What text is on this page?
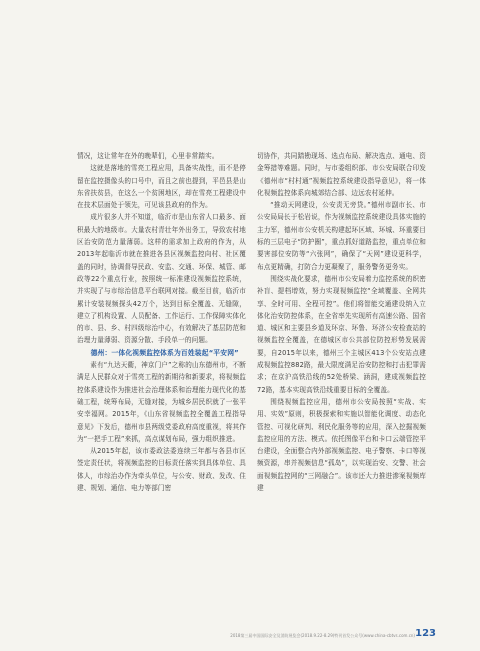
情况，这让常年在外的晚辈们，心里非常踏实。

这就是落地的雪亮工程应用，具备实战性，而不是停留在监控摄像头的口号中，而且之前也提到，平邑县是山东省扶贫县，在这么一个贫困地区，却在雪亮工程建设中在技术层面处于领先，可见该县政府的作为。

成片很多人并不知道，临沂市是山东省人口最多、面积最大的地级市。大量农村青壮年外出务工，导致农村地区治安防范力量薄弱。这样的需求加上政府的作为，从2013年起临沂市就在推进各县区视频监控向村、社区覆盖的同时，协调督导民政、安监、交通、环保、城管、邮政等22个重点行业，按照统一标准建设视频监控系统，并实现了与市综治信息平台联网对接。截至目前，临沂市累计安装视频探头42万个，达到目标全覆盖、无缝隙，建立了机构设置、人员配备、工作运行、工作保障实体化的市、县、乡、村四级综治中心，有效解决了基层防范和治理力量薄弱、资源分散、手段单一的问题。

德州：一体化视频监控体系为百姓装起“平安网”

素有“九达天衢，神京门户”之称的山东德州市，不断满足人民群众对于雪亮工程的新期待和新要求，将视频监控体系建设作为推进社会治理体系和治理能力现代化的基础工程，统筹布局，无缝对接，为城乡居民织就了一张平安幸福网。2015年，《山东省视频监控全覆盖工程指导意见》下发后，德州市县两级党委政府高度重视，将其作为“一把手工程”来抓，高点谋划布局，强力组织推进。

从2015年起，该市委政法委连续三年都与各县市区签定责任状，将视频监控的目标责任落实到具体单位、具体人，市综治办作为牵头单位，与公安、财政、发改、住建、规划、通信、电力等部门密

切协作，共同踏勘现场、选点布局、解决选点、通电、资金筹措等难题。同时，与市委组织部、市公安局联合印发《德州市“村村通”视频监控系统建设指导意见》，将一体化视频监控体系向城郊结合部、边远农村延伸。

“推动天网建设，公安责无旁贷。”德州市副市长、市公安局局长于松岩说，作为视频监控系统建设具体实施的主力军，德州市公安机关构建起环区域、环城、环重要目标的三层电子“防护圈”，重点抓好道路监控，重点单位和要害部位安防等“六张网”，确保了“天网”建设更科学，布点更精确，打防合力更凝聚了，服务警务更务实。

围绕实战化要求，德州市公安局着力监控系统的织密补盲、提档增效，努力实现视频监控“全域覆盖、全网共享、全时可用、全程可控”。他们将智能交通建设纳入立体化治安防控体系，在全省率先实现所有高速公路、国省道、城区和主要县乡道及环京、环鲁、环济公安检查站的视频监控全覆盖，在德城区市公共部位防控形势发展需要，自2015年以来，德州三个主城区413个公安站点建成视频监控882路，最大限度满足治安防控和打击犯罪需求；在京沪高铁沿线的52处桥梁、涵洞，建成视频监控72路，基本实现高铁沿线重要目标的全覆盖。

围绕视频监控应用，德州市公安局按照“实战、实用、实效”原则，积极探索和实施以智能化调度、动态化管控、可视化研判、利民化服务等的应用，深入挖掘视频监控应用的方法、模式。依托图像平台和卡口云端管控平台建设，全面整合内外部视频监控、电子警察、卡口等视频资源，串并视频信息“孤岛”，以实现治安、交警、社会面视频监控网的“三网融合”。该市还大力推进渗案视频库建

2018第三届中国国际安全及消防展览会(2018.9.22-8.29)特刊首发公众号(www.china-cbtvs.com.cn) 123
